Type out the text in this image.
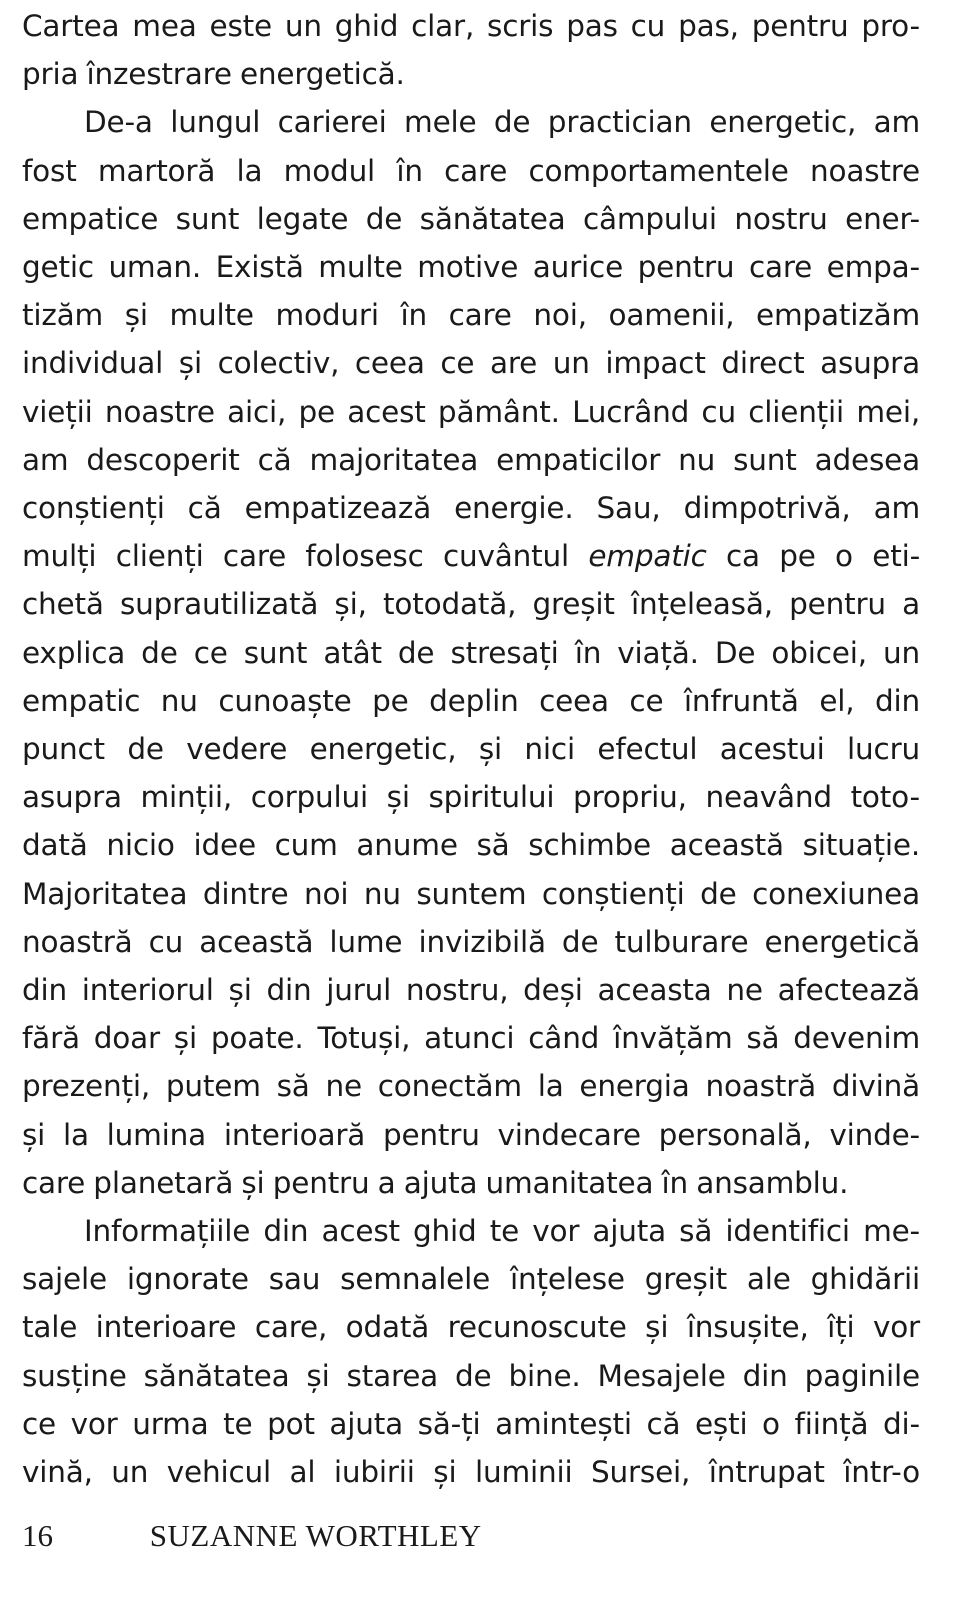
Cartea mea este un ghid clar, scris pas cu pas, pentru pro-
pria înzestrare energetică.

De-a lungul carierei mele de practician energetic, am
fost martoră la modul în care comportamentele noastre
empatice sunt legate de sănătatea câmpului nostru ener-
getic uman. Există multe motive aurice pentru care empa-
tizăm și multe moduri în care noi, oamenii, empatizăm
individual și colectiv, ceea ce are un impact direct asupra
vieții noastre aici, pe acest pământ. Lucrând cu clienții mei,
am descoperit că majoritatea empaticilor nu sunt adesea
conștienți că empatizează energie. Sau, dimpotrivă, am
mulți clienți care folosesc cuvântul empatic ca pe o eti-
chetă suprautilizată și, totodată, greșit înțeleasă, pentru a
explica de ce sunt atât de stresați în viață. De obicei, un
empatic nu cunoaște pe deplin ceea ce înfruntă el, din
punct de vedere energetic, și nici efectul acestui lucru
asupra minții, corpului și spiritului propriu, neavând toto-
dată nicio idee cum anume să schimbe această situație.
Majoritatea dintre noi nu suntem conștienți de conexiunea
noastră cu această lume invizibilă de tulburare energetică
din interiorul și din jurul nostru, deși aceasta ne afectează
fără doar și poate. Totuși, atunci când învățăm să devenim
prezenți, putem să ne conectăm la energia noastră divină
și la lumina interioară pentru vindecare personală, vinde-
care planetară și pentru a ajuta umanitatea în ansamblu.

Informațiile din acest ghid te vor ajuta să identifici me-
sajele ignorate sau semnalele înțelese greșit ale ghidării
tale interioare care, odată recunoscute și însușite, îți vor
susține sănătatea și starea de bine. Mesajele din paginile
ce vor urma te pot ajuta să-ți amintești că ești o ființă di-
vină, un vehicul al iubirii și luminii Sursei, întrupat într-o

16	SUZANNE WORTHLEY
